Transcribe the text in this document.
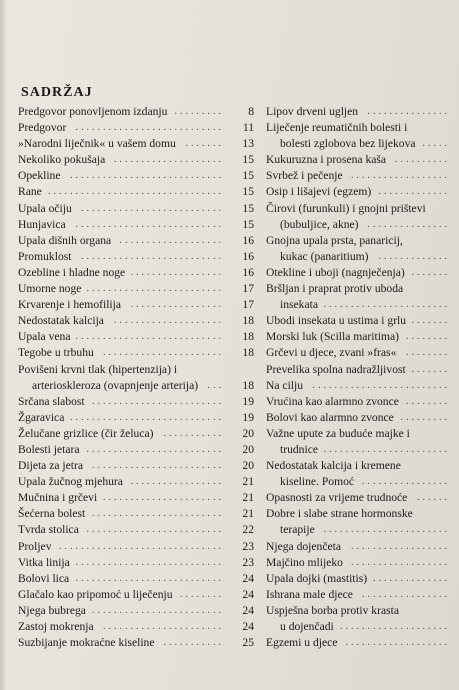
SADRŽAJ
Predgovor ponovljenom izdanju .........	8
Predgovor ...........................	11
»Narodni liječnik« u vašem domu .......	13
Nekoliko pokušaja ....................	15
Opekline ............................	15
Rane ................................	15
Upala očiju ..........................	15
Hunjavica ...........................	15
Upala dišnih organa ...................	16
Promuklost ..........................	16
Ozebline i hladne noge .................	16
Umorne noge .........................	17
Krvarenje i hemofilija .................	17
Nedostatak kalcija ....................	18
Upala vena ...........................	18
Tegobe u trbuhu ......................	18
Povišeni krvni tlak (hipertenzija) i
arterioskleroza (ovapnjenje arterija) ...	18
Srčana slabost ........................	19
Žgaravica ............................	19
Želučane grizlice (čir želuca) ...........	20
Bolesti jetara .........................	20
Dijeta za jetra ........................	20
Upala žučnog mjehura .................	21
Mučnina i grčevi ......................	21
Šećerna bolest ........................	21
Tvrda stolica .........................	22
Proljev ..............................	23
Vitka linija ...........................	23
Bolovi lica ...........................	24
Glačalo kao pripomoć u liječenju ........	24
Njega bubrega ........................	24
Zastoj mokrenja ......................	24
Suzbijanje mokraćne kiseline ...........	25
Lipov drveni ugljen ...............
Liječenje reumatičnih bolesti i
bolesti zglobova bez lijekova .....
Kukuruzna i prosena kaša ..........
Svrbež i pečenje ..................
Osip i lišajevi (egzem) .............
Čirovi (furunkuli) i gnojni prištevi
(bubuljice, akne) ...............
Gnojna upala prsta, panaricij,
kukac (panaritium) .............
Otekline i uboji (nagnječenja) .......
Bršljan i praprat protiv uboda
insekata .......................
Ubodi insekata u ustima i grlu .......
Morski luk (Scilla maritima) ........
Grčevi u djece, zvani »fras« ........
Prevelika spolna nadražljivost .......
Na cilju .........................
Vrućina kao alarmno zvonce ........
Bolovi kao alarmno zvonce .........
Važne upute za buduće majke i
trudnice .......................
Nedostatak kalcija i kremene
kiseline. Pomoć ................
Opasnosti za vrijeme trudnoće ......
Dobre i slabe strane hormonske
terapije .......................
Njega dojenčeta ..................
Majčino mlijeko ..................
Upala dojki (mastitis) ..............
Ishrana male djece ................
Uspješna borba protiv krasta
u dojenčadi ....................
Egzemi u djece ...................
